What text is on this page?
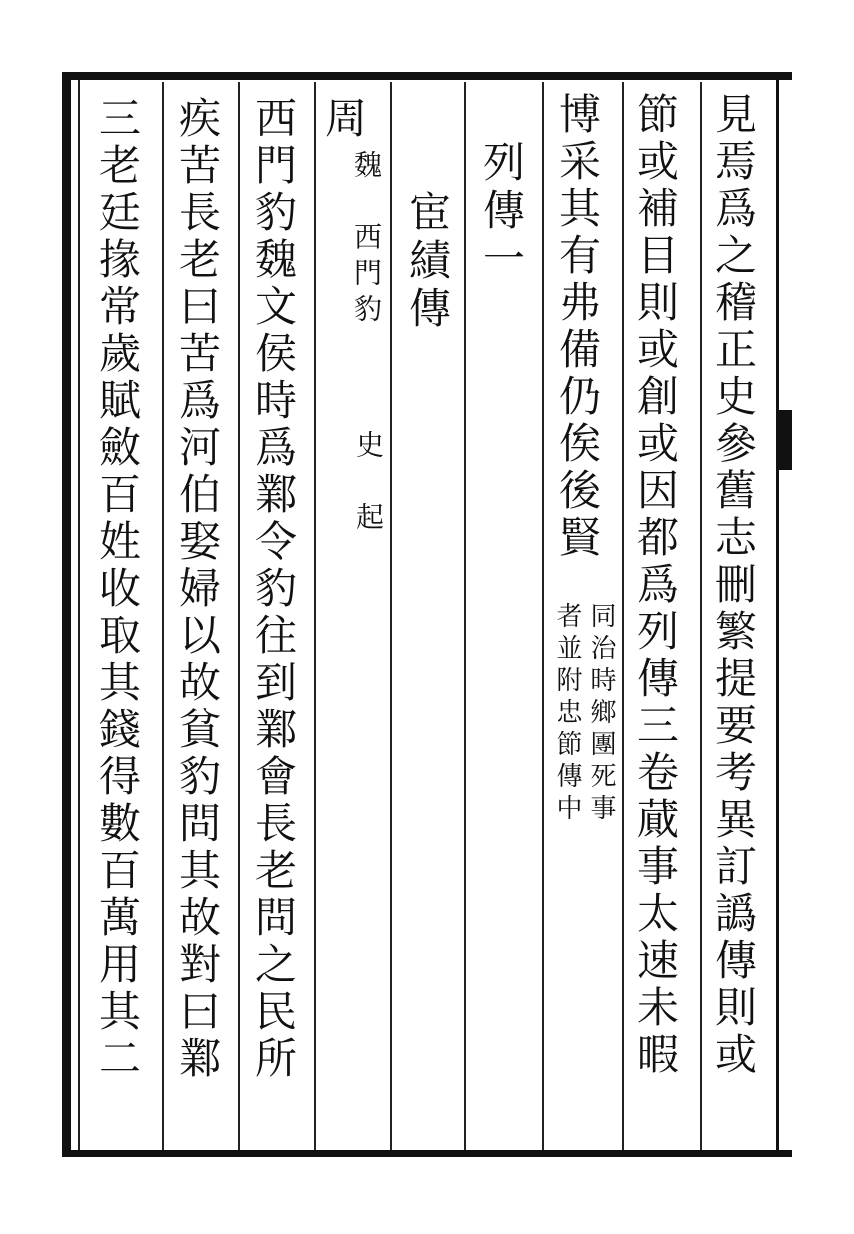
見焉爲之稽正史參舊志刪繁提要考異訂譌傳則或
節或補目則或創或因都爲列傳三卷蕆事太速未暇
博采其有弗備仍俟後賢
同治時鄉團死事
者並附忠節傳中
列傳一
宦績傳
周
魏　西門豹
史　起
西門豹魏文侯時爲鄴令豹往到鄴會長老問之民所
疾苦長老曰苦爲河伯娶婦以故貧豹問其故對曰鄴
三老廷掾常歲賦斂百姓收取其錢得數百萬用其二
